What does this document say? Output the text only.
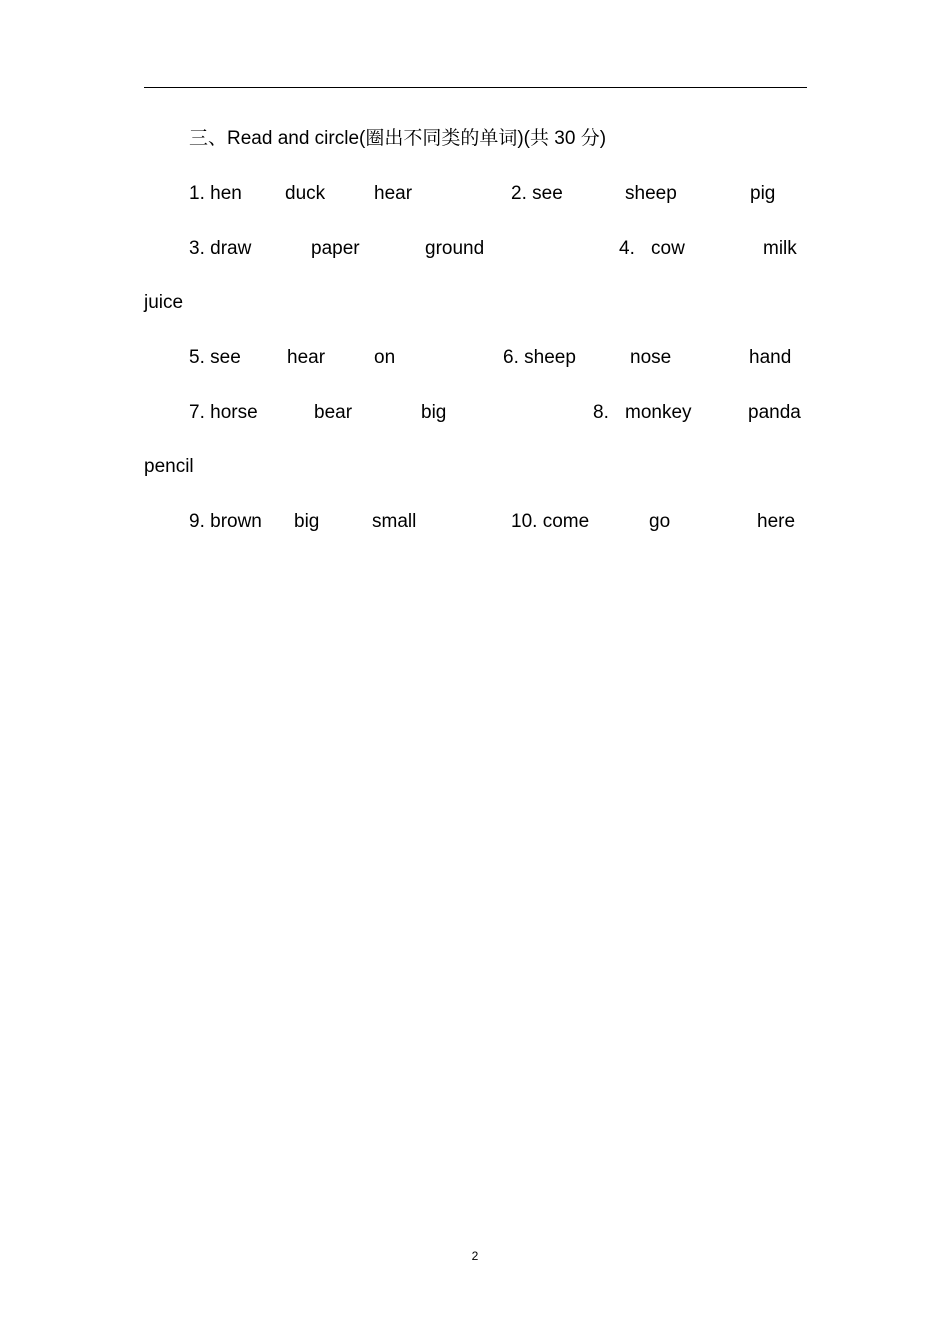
三、Read and circle(圈出不同类的单词)(共 30 分)
1. hen duck	hear	2. see	sheep	pig
3. draw	paper	ground	4. cow	milk
juice
5. see hear	on	6. sheep	nose	hand
7. horse	bear	big	8. monkey	panda
pencil
9. brown big	small	10. come	go	here
2
